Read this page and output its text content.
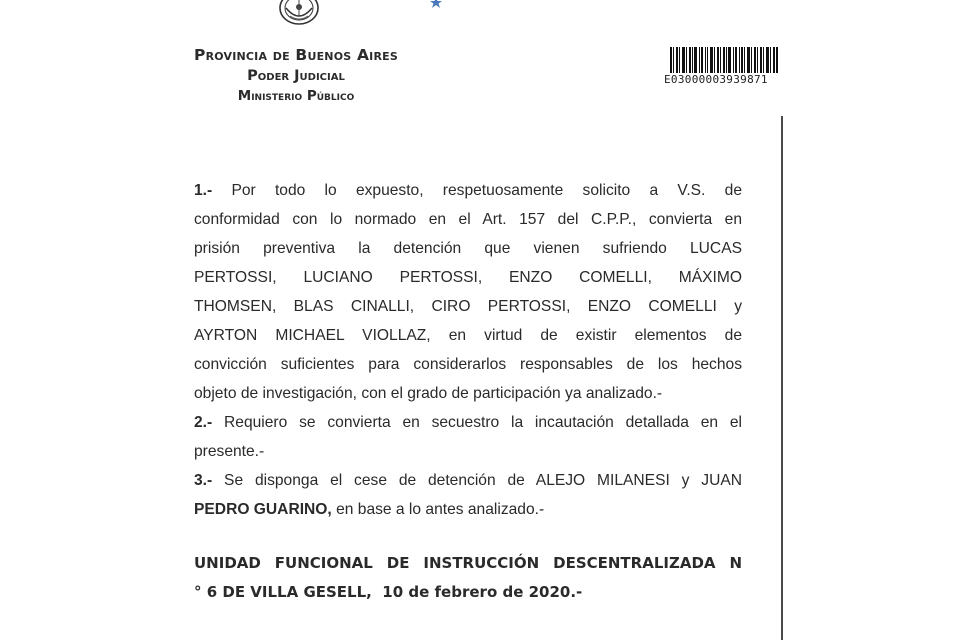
Provincia de Buenos Aires
Poder Judicial
Ministerio Público
E03000003939871
1.- Por todo lo expuesto, respetuosamente solicito a V.S. de
conformidad con lo normado en el Art. 157 del C.P.P., convierta en
prisión preventiva la detención que vienen sufriendo LUCAS
PERTOSSI, LUCIANO PERTOSSI, ENZO COMELLI, MÁXIMO
THOMSEN, BLAS CINALLI, CIRO PERTOSSI, ENZO COMELLI y
AYRTON MICHAEL VIOLLAZ, en virtud de existir elementos de
convicción suficientes para considerarlos responsables de los hechos
objeto de investigación, con el grado de participación ya analizado.-
2.- Requiero se convierta en secuestro la incautación detallada en el
presente.-
3.- Se disponga el cese de detención de ALEJO MILANESI y JUAN
PEDRO GUARINO, en base a lo antes analizado.-
UNIDAD FUNCIONAL DE INSTRUCCIÓN DESCENTRALIZADA N
° 6 DE VILLA GESELL,  10 de febrero de 2020.-
